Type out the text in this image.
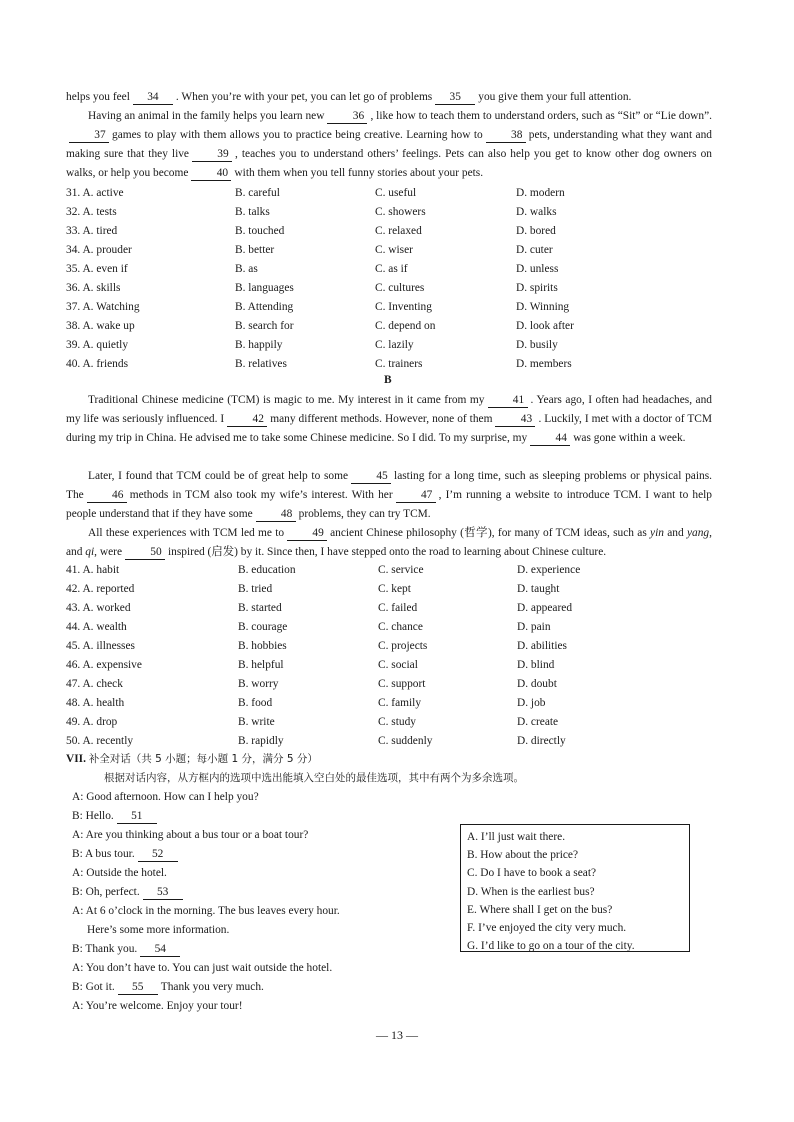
helps you feel 34 . When you’re with your pet, you can let go of problems 35 you give them your full attention.

Having an animal in the family helps you learn new 36 , like how to teach them to understand orders, such as “Sit” or “Lie down”. 37 games to play with them allows you to practice being creative. Learning how to 38 pets, understanding what they want and making sure that they live 39 , teaches you to understand others’ feelings. Pets can also help you get to know other dog owners on walks, or help you become 40 with them when you tell funny stories about your pets.

31. A. active	B. careful	C. useful	D. modern
32. A. tests	B. talks	C. showers	D. walks
33. A. tired	B. touched	C. relaxed	D. bored
34. A. prouder	B. better	C. wiser	D. cuter
35. A. even if	B. as	C. as if	D. unless
36. A. skills	B. languages	C. cultures	D. spirits
37. A. Watching	B. Attending	C. Inventing	D. Winning
38. A. wake up	B. search for	C. depend on	D. look after
39. A. quietly	B. happily	C. lazily	D. busily
40. A. friends	B. relatives	C. trainers	D. members
B

Traditional Chinese medicine (TCM) is magic to me. My interest in it came from my 41 . Years ago, I often had headaches, and my life was seriously influenced. I 42 many different methods. However, none of them 43 . Luckily, I met with a doctor of TCM during my trip in China. He advised me to take some Chinese medicine. So I did. To my surprise, my 44 was gone within a week.

Later, I found that TCM could be of great help to some 45 lasting for a long time, such as sleeping problems or physical pains. The 46 methods in TCM also took my wife’s interest. With her 47 , I’m running a website to introduce TCM. I want to help people understand that if they have some 48 problems, they can try TCM.

All these experiences with TCM led me to 49 ancient Chinese philosophy (哲学), for many of TCM ideas, such as yin and yang, and qi, were 50 inspired (启发) by it. Since then, I have stepped onto the road to learning about Chinese culture.

41. A. habit	B. education	C. service	D. experience
42. A. reported	B. tried	C. kept	D. taught
43. A. worked	B. started	C. failed	D. appeared
44. A. wealth	B. courage	C. chance	D. pain
45. A. illnesses	B. hobbies	C. projects	D. abilities
46. A. expensive	B. helpful	C. social	D. blind
47. A. check	B. worry	C. support	D. doubt
48. A. health	B. food	C. family	D. job
49. A. drop	B. write	C. study	D. create
50. A. recently	B. rapidly	C. suddenly	D. directly
VII. 补全对话（共 5 小题；每小题 1 分，满分 5 分）
根据对话内容，从方框内的选项中选出能填入空白处的最佳选项，其中有两个为多余选项。
A: Good afternoon. How can I help you?
B: Hello. 51
A: Are you thinking about a bus tour or a boat tour?
B: A bus tour. 52
A: Outside the hotel.
B: Oh, perfect. 53
A: At 6 o’clock in the morning. The bus leaves every hour.
Here’s some more information.
B: Thank you. 54
A: You don’t have to. You can just wait outside the hotel.
B: Got it. 55 Thank you very much.
A: You’re welcome. Enjoy your tour!
A. I’ll just wait there.
B. How about the price?
C. Do I have to book a seat?
D. When is the earliest bus?
E. Where shall I get on the bus?
F. I’ve enjoyed the city very much.
G. I’d like to go on a tour of the city.
— 13 —
